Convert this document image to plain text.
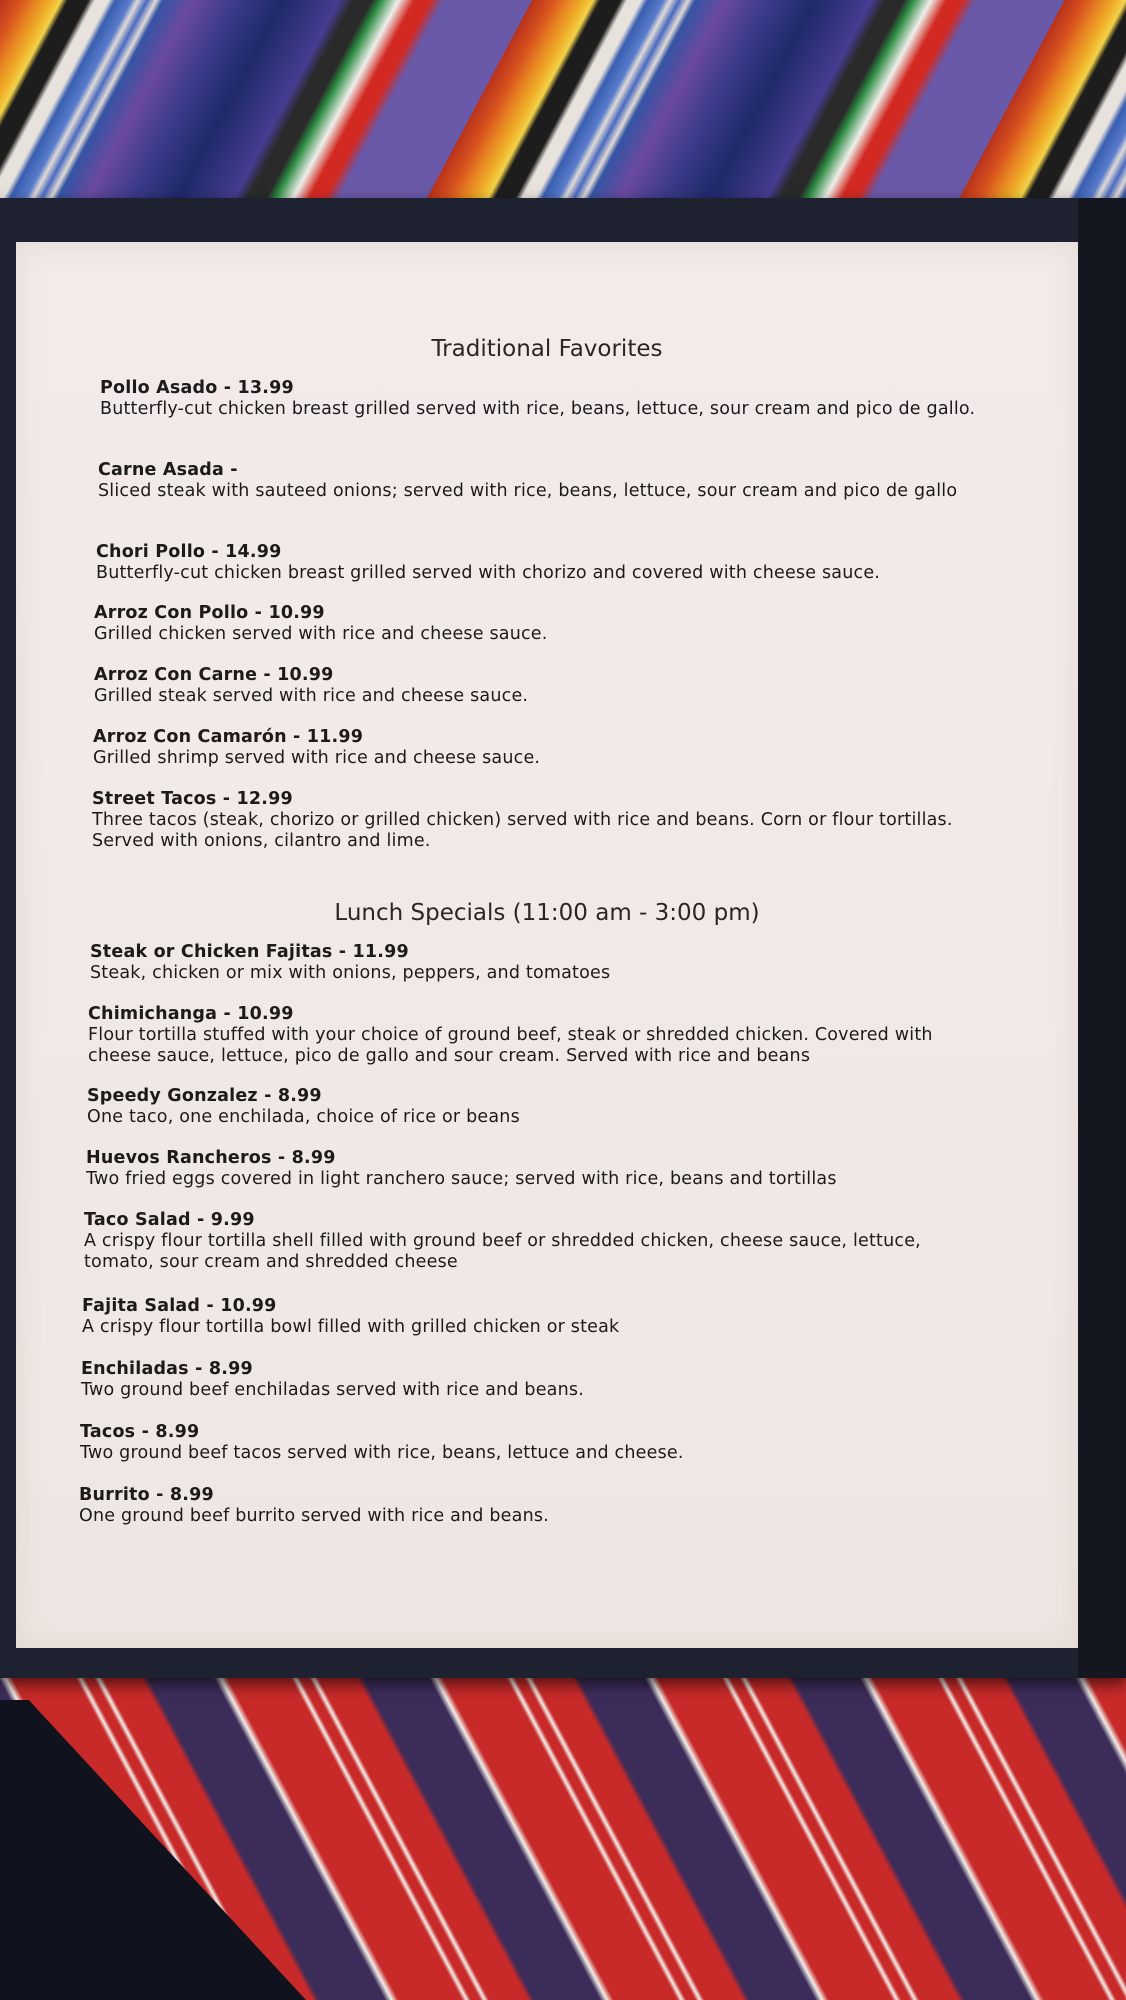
Traditional Favorites
Pollo Asado - 13.99
Butterfly-cut chicken breast grilled served with rice, beans, lettuce, sour cream and pico de gallo.
Carne Asada -
Sliced steak with sauteed onions; served with rice, beans, lettuce, sour cream and pico de gallo
Chori Pollo - 14.99
Butterfly-cut chicken breast grilled served with chorizo and covered with cheese sauce.
Arroz Con Pollo - 10.99
Grilled chicken served with rice and cheese sauce.
Arroz Con Carne - 10.99
Grilled steak served with rice and cheese sauce.
Arroz Con Camarón - 11.99
Grilled shrimp served with rice and cheese sauce.
Street Tacos - 12.99
Three tacos (steak, chorizo or grilled chicken) served with rice and beans. Corn or flour tortillas. Served with onions, cilantro and lime.
Lunch Specials (11:00 am - 3:00 pm)
Steak or Chicken Fajitas - 11.99
Steak, chicken or mix with onions, peppers, and tomatoes
Chimichanga - 10.99
Flour tortilla stuffed with your choice of ground beef, steak or shredded chicken. Covered with cheese sauce, lettuce, pico de gallo and sour cream. Served with rice and beans
Speedy Gonzalez - 8.99
One taco, one enchilada, choice of rice or beans
Huevos Rancheros - 8.99
Two fried eggs covered in light ranchero sauce; served with rice, beans and tortillas
Taco Salad - 9.99
A crispy flour tortilla shell filled with ground beef or shredded chicken, cheese sauce, lettuce, tomato, sour cream and shredded cheese
Fajita Salad - 10.99
A crispy flour tortilla bowl filled with grilled chicken or steak
Enchiladas - 8.99
Two ground beef enchiladas served with rice and beans.
Tacos - 8.99
Two ground beef tacos served with rice, beans, lettuce and cheese.
Burrito - 8.99
One ground beef burrito served with rice and beans.
